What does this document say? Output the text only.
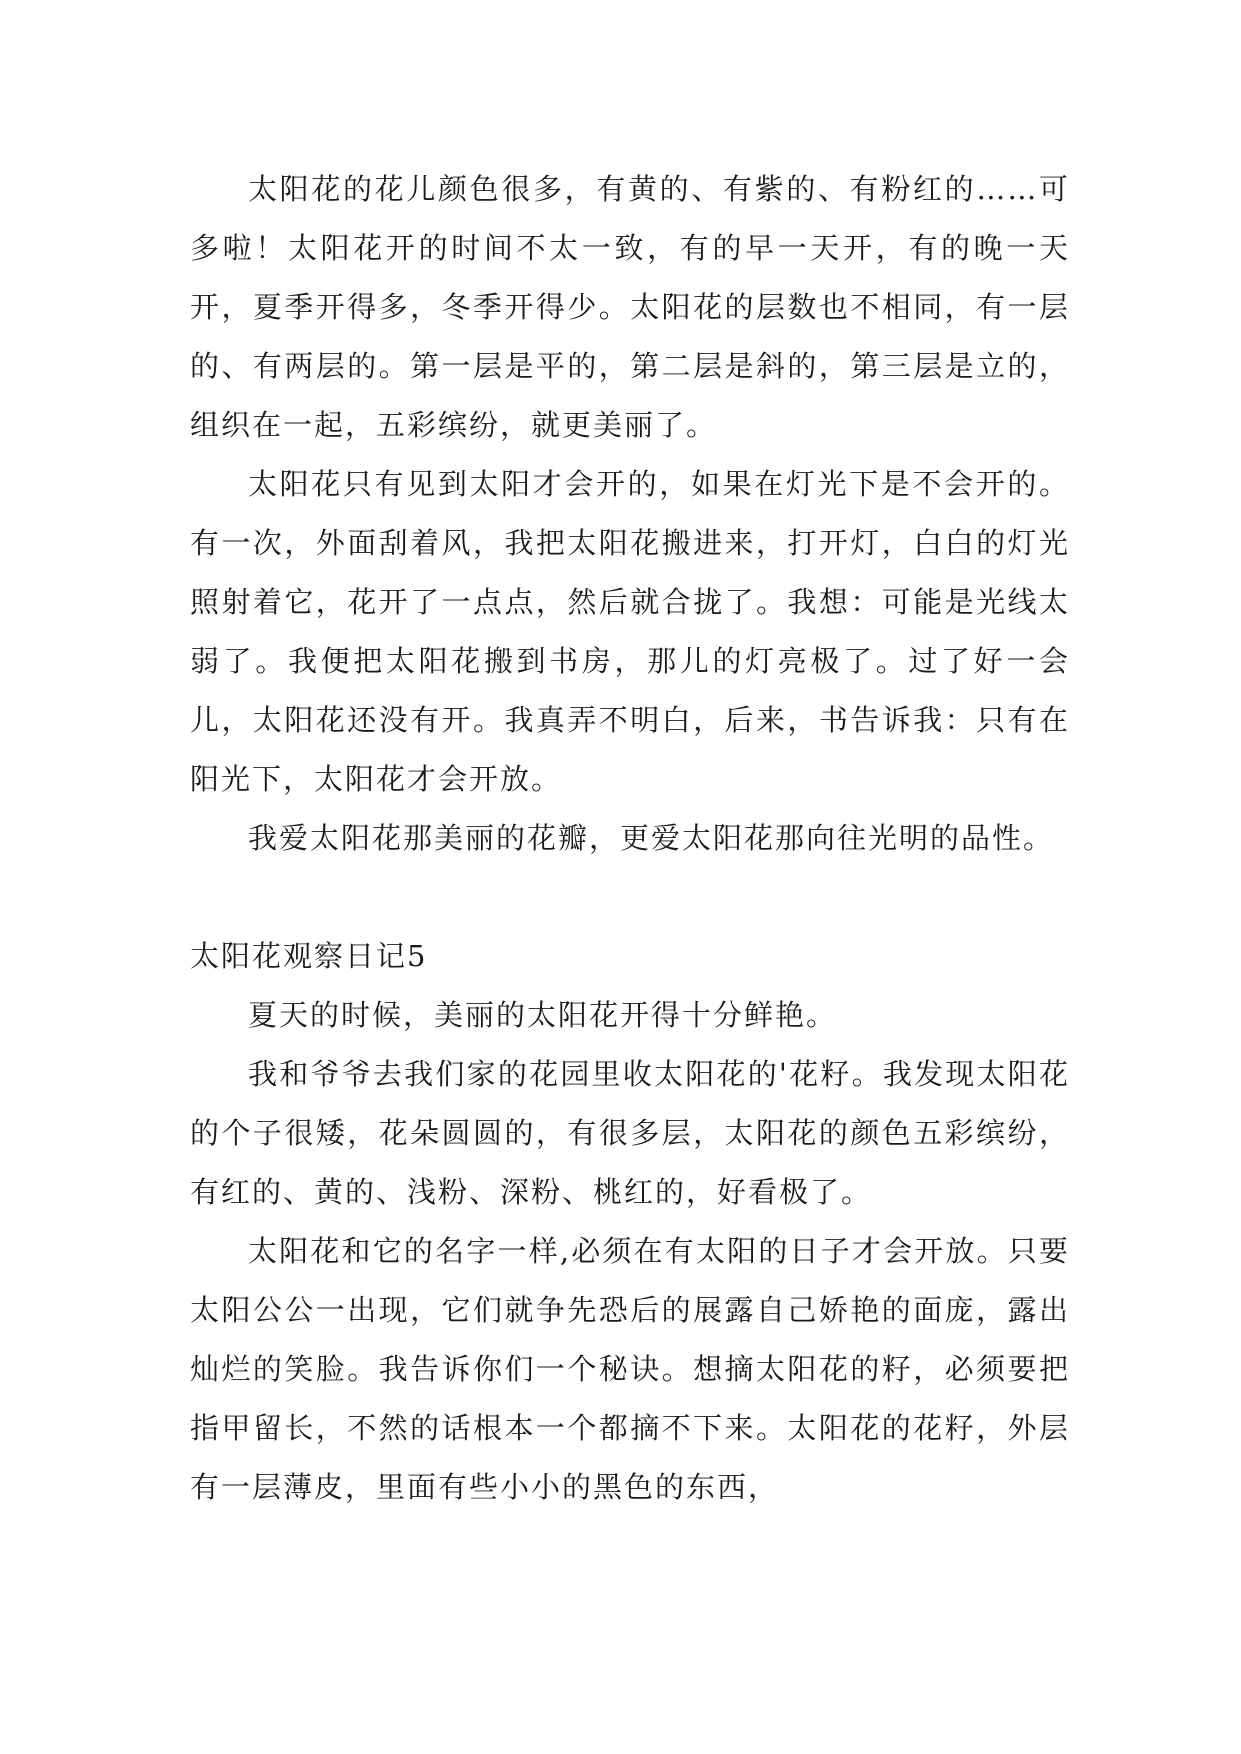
太阳花的花儿颜色很多，有黄的、有紫的、有粉红的……可多啦！太阳花开的时间不太一致，有的早一天开，有的晚一天开，夏季开得多，冬季开得少。太阳花的层数也不相同，有一层的、有两层的。第一层是平的，第二层是斜的，第三层是立的，组织在一起，五彩缤纷，就更美丽了。

太阳花只有见到太阳才会开的，如果在灯光下是不会开的。有一次，外面刮着风，我把太阳花搬进来，打开灯，白白的灯光照射着它，花开了一点点，然后就合拢了。我想：可能是光线太弱了。我便把太阳花搬到书房，那儿的灯亮极了。过了好一会儿，太阳花还没有开。我真弄不明白，后来，书告诉我：只有在阳光下，太阳花才会开放。

我爱太阳花那美丽的花瓣，更爱太阳花那向往光明的品性。

太阳花观察日记5

夏天的时候，美丽的太阳花开得十分鲜艳。

我和爷爷去我们家的花园里收太阳花的'花籽。我发现太阳花的个子很矮，花朵圆圆的，有很多层，太阳花的颜色五彩缤纷，有红的、黄的、浅粉、深粉、桃红的，好看极了。

太阳花和它的名字一样,必须在有太阳的日子才会开放。只要太阳公公一出现，它们就争先恐后的展露自己娇艳的面庞，露出灿烂的笑脸。我告诉你们一个秘诀。想摘太阳花的籽，必须要把指甲留长，不然的话根本一个都摘不下来。太阳花的花籽，外层有一层薄皮，里面有些小小的黑色的东西，
